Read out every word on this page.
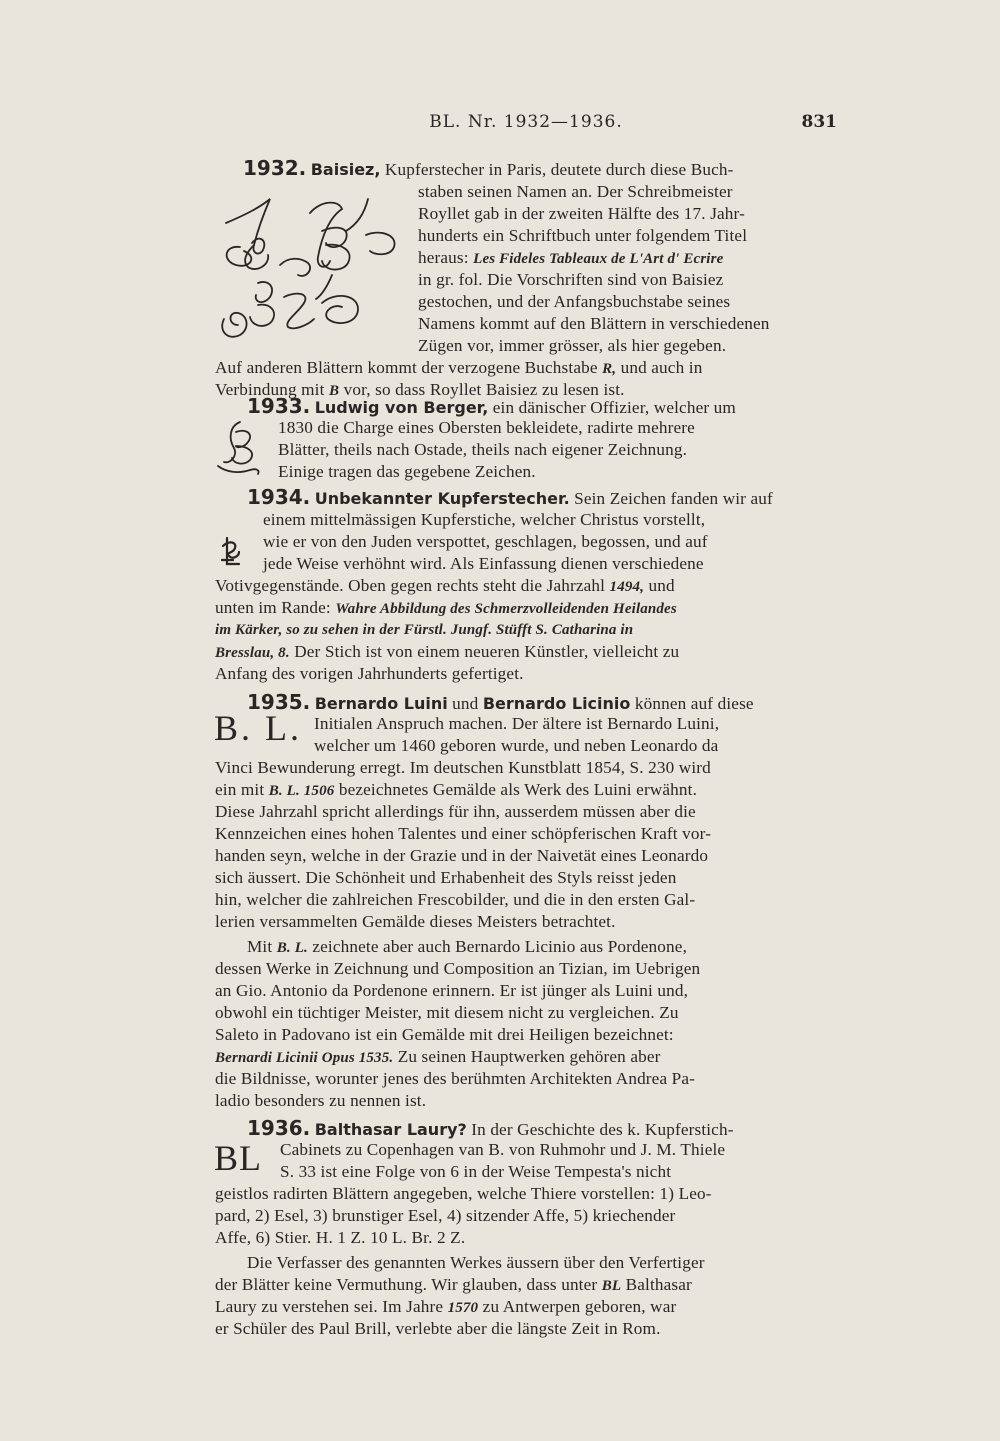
BL. Nr. 1932—1936.	831
1932. Baisiez, Kupferstecher in Paris, deutete durch diese Buch-
staben seinen Namen an. Der Schreibmeister
Royllet gab in der zweiten Hälfte des 17. Jahr-
hunderts ein Schriftbuch unter folgendem Titel
heraus: Les Fideles Tableaux de L'Art d' Ecrire
in gr. fol. Die Vorschriften sind von Baisiez
gestochen, und der Anfangsbuchstabe seines
Namens kommt auf den Blättern in verschiedenen
Zügen vor, immer grösser, als hier gegeben.
Auf anderen Blättern kommt der verzogene Buchstabe R, und auch in
Verbindung mit B vor, so dass Royllet Baisiez zu lesen ist.
1933. Ludwig von Berger, ein dänischer Offizier, welcher um
1830 die Charge eines Obersten bekleidete, radirte mehrere
Blätter, theils nach Ostade, theils nach eigener Zeichnung.
Einige tragen das gegebene Zeichen.
1934. Unbekannter Kupferstecher. Sein Zeichen fanden wir auf
einem mittelmässigen Kupferstiche, welcher Christus vorstellt,
wie er von den Juden verspottet, geschlagen, begossen, und auf
jede Weise verhöhnt wird. Als Einfassung dienen verschiedene
Votivgegenstände. Oben gegen rechts steht die Jahrzahl 1494, und
unten im Rande: Wahre Abbildung des Schmerzvolleidenden Heilandes
im Kärker, so zu sehen in der Fürstl. Jungf. Stüfft S. Catharina in
Bresslau, 8. Der Stich ist von einem neueren Künstler, vielleicht zu
Anfang des vorigen Jahrhunderts gefertiget.
1935. Bernardo Luini und Bernardo Licinio können auf diese
B. L. Initialen Anspruch machen. Der ältere ist Bernardo Luini,
welcher um 1460 geboren wurde, und neben Leonardo da
Vinci Bewunderung erregt. Im deutschen Kunstblatt 1854, S. 230 wird
ein mit B. L. 1506 bezeichnetes Gemälde als Werk des Luini erwähnt.
Diese Jahrzahl spricht allerdings für ihn, ausserdem müssen aber die
Kennzeichen eines hohen Talentes und einer schöpferischen Kraft vor-
handen seyn, welche in der Grazie und in der Naivetät eines Leonardo
sich äussert. Die Schönheit und Erhabenheit des Styls reisst jeden
hin, welcher die zahlreichen Frescobilder, und die in den ersten Gal-
lerien versammelten Gemälde dieses Meisters betrachtet.
Mit B. L. zeichnete aber auch Bernardo Licinio aus Pordenone,
dessen Werke in Zeichnung und Composition an Tizian, im Uebrigen
an Gio. Antonio da Pordenone erinnern. Er ist jünger als Luini und,
obwohl ein tüchtiger Meister, mit diesem nicht zu vergleichen. Zu
Saleto in Padovano ist ein Gemälde mit drei Heiligen bezeichnet:
Bernardi Licinii Opus 1535. Zu seinen Hauptwerken gehören aber
die Bildnisse, worunter jenes des berühmten Architekten Andrea Pa-
ladio besonders zu nennen ist.
1936. Balthasar Laury? In der Geschichte des k. Kupferstich-
BL Cabinets zu Copenhagen van B. von Ruhmohr und J. M. Thiele
S. 33 ist eine Folge von 6 in der Weise Tempesta's nicht
geistlos radirten Blättern angegeben, welche Thiere vorstellen: 1) Leo-
pard, 2) Esel, 3) brunstiger Esel, 4) sitzender Affe, 5) kriechender
Affe, 6) Stier. H. 1 Z. 10 L. Br. 2 Z.
Die Verfasser des genannten Werkes äussern über den Verfertiger
der Blätter keine Vermuthung. Wir glauben, dass unter BL Balthasar
Laury zu verstehen sei. Im Jahre 1570 zu Antwerpen geboren, war
er Schüler des Paul Brill, verlebte aber die längste Zeit in Rom.
